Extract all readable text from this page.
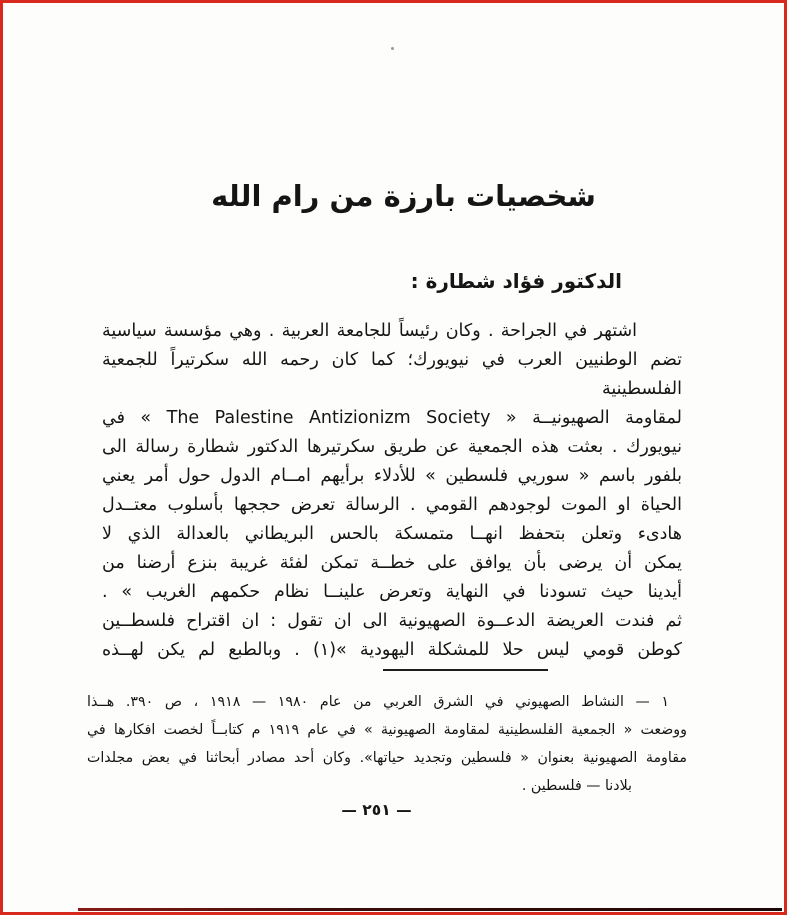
شخصيات بارزة من رام الله
الدكتور فؤاد شطارة :
اشتهر في الجراحة . وكان رئيساً للجامعة العربية . وهي مؤسسة سياسية
تضم الوطنيين العرب في نيويورك؛ كما كان رحمه الله سكرتيراً للجمعية الفلسطينية
لمقاومة الصهيونيــة « The Palestine Antizionizm Society » في
نيويورك . بعثت هذه الجمعية عن طريق سكرتيرها الدكتور شطارة رسالة الى
بلفور باسم « سوريي فلسطين » للأدلاء برأيهم امــام الدول حول أمر يعني
الحياة او الموت لوجودهم القومي . الرسالة تعرض حججها بأسلوب معتــدل
هادىء وتعلن بتحفظ انهــا متمسكة بالحس البريطاني بالعدالة الذي لا
يمكن أن يرضى بأن يوافق على خطــة تمكن لفئة غريبة بنزع أرضنا من
أيدينا حيث تسودنا في النهاية وتعرض علينــا نظام حكمهم الغريب » .
ثم فندت العريضة الدعــوة الصهيونية الى ان تقول : ان اقتراح فلسطــين
كوطن قومي ليس حلا للمشكلة اليهودية »(١) . وبالطبع لم يكن لهــذه
١ — النشاط الصهيوني في الشرق العربي من عام ١٩٨٠ — ١٩١٨ ، ص ٣٩٠. هــذا
ووضعت « الجمعية الفلسطينية لمقاومة الصهيونية » في عام ١٩١٩ م كتابــاً لخصت افكارها في
مقاومة الصهيونية بعنوان « فلسطين وتجديد حياتها». وكان أحد مصادر أبحاثنا في بعض مجلدات
بلادنا — فلسطين .
— ٢٥١ —
